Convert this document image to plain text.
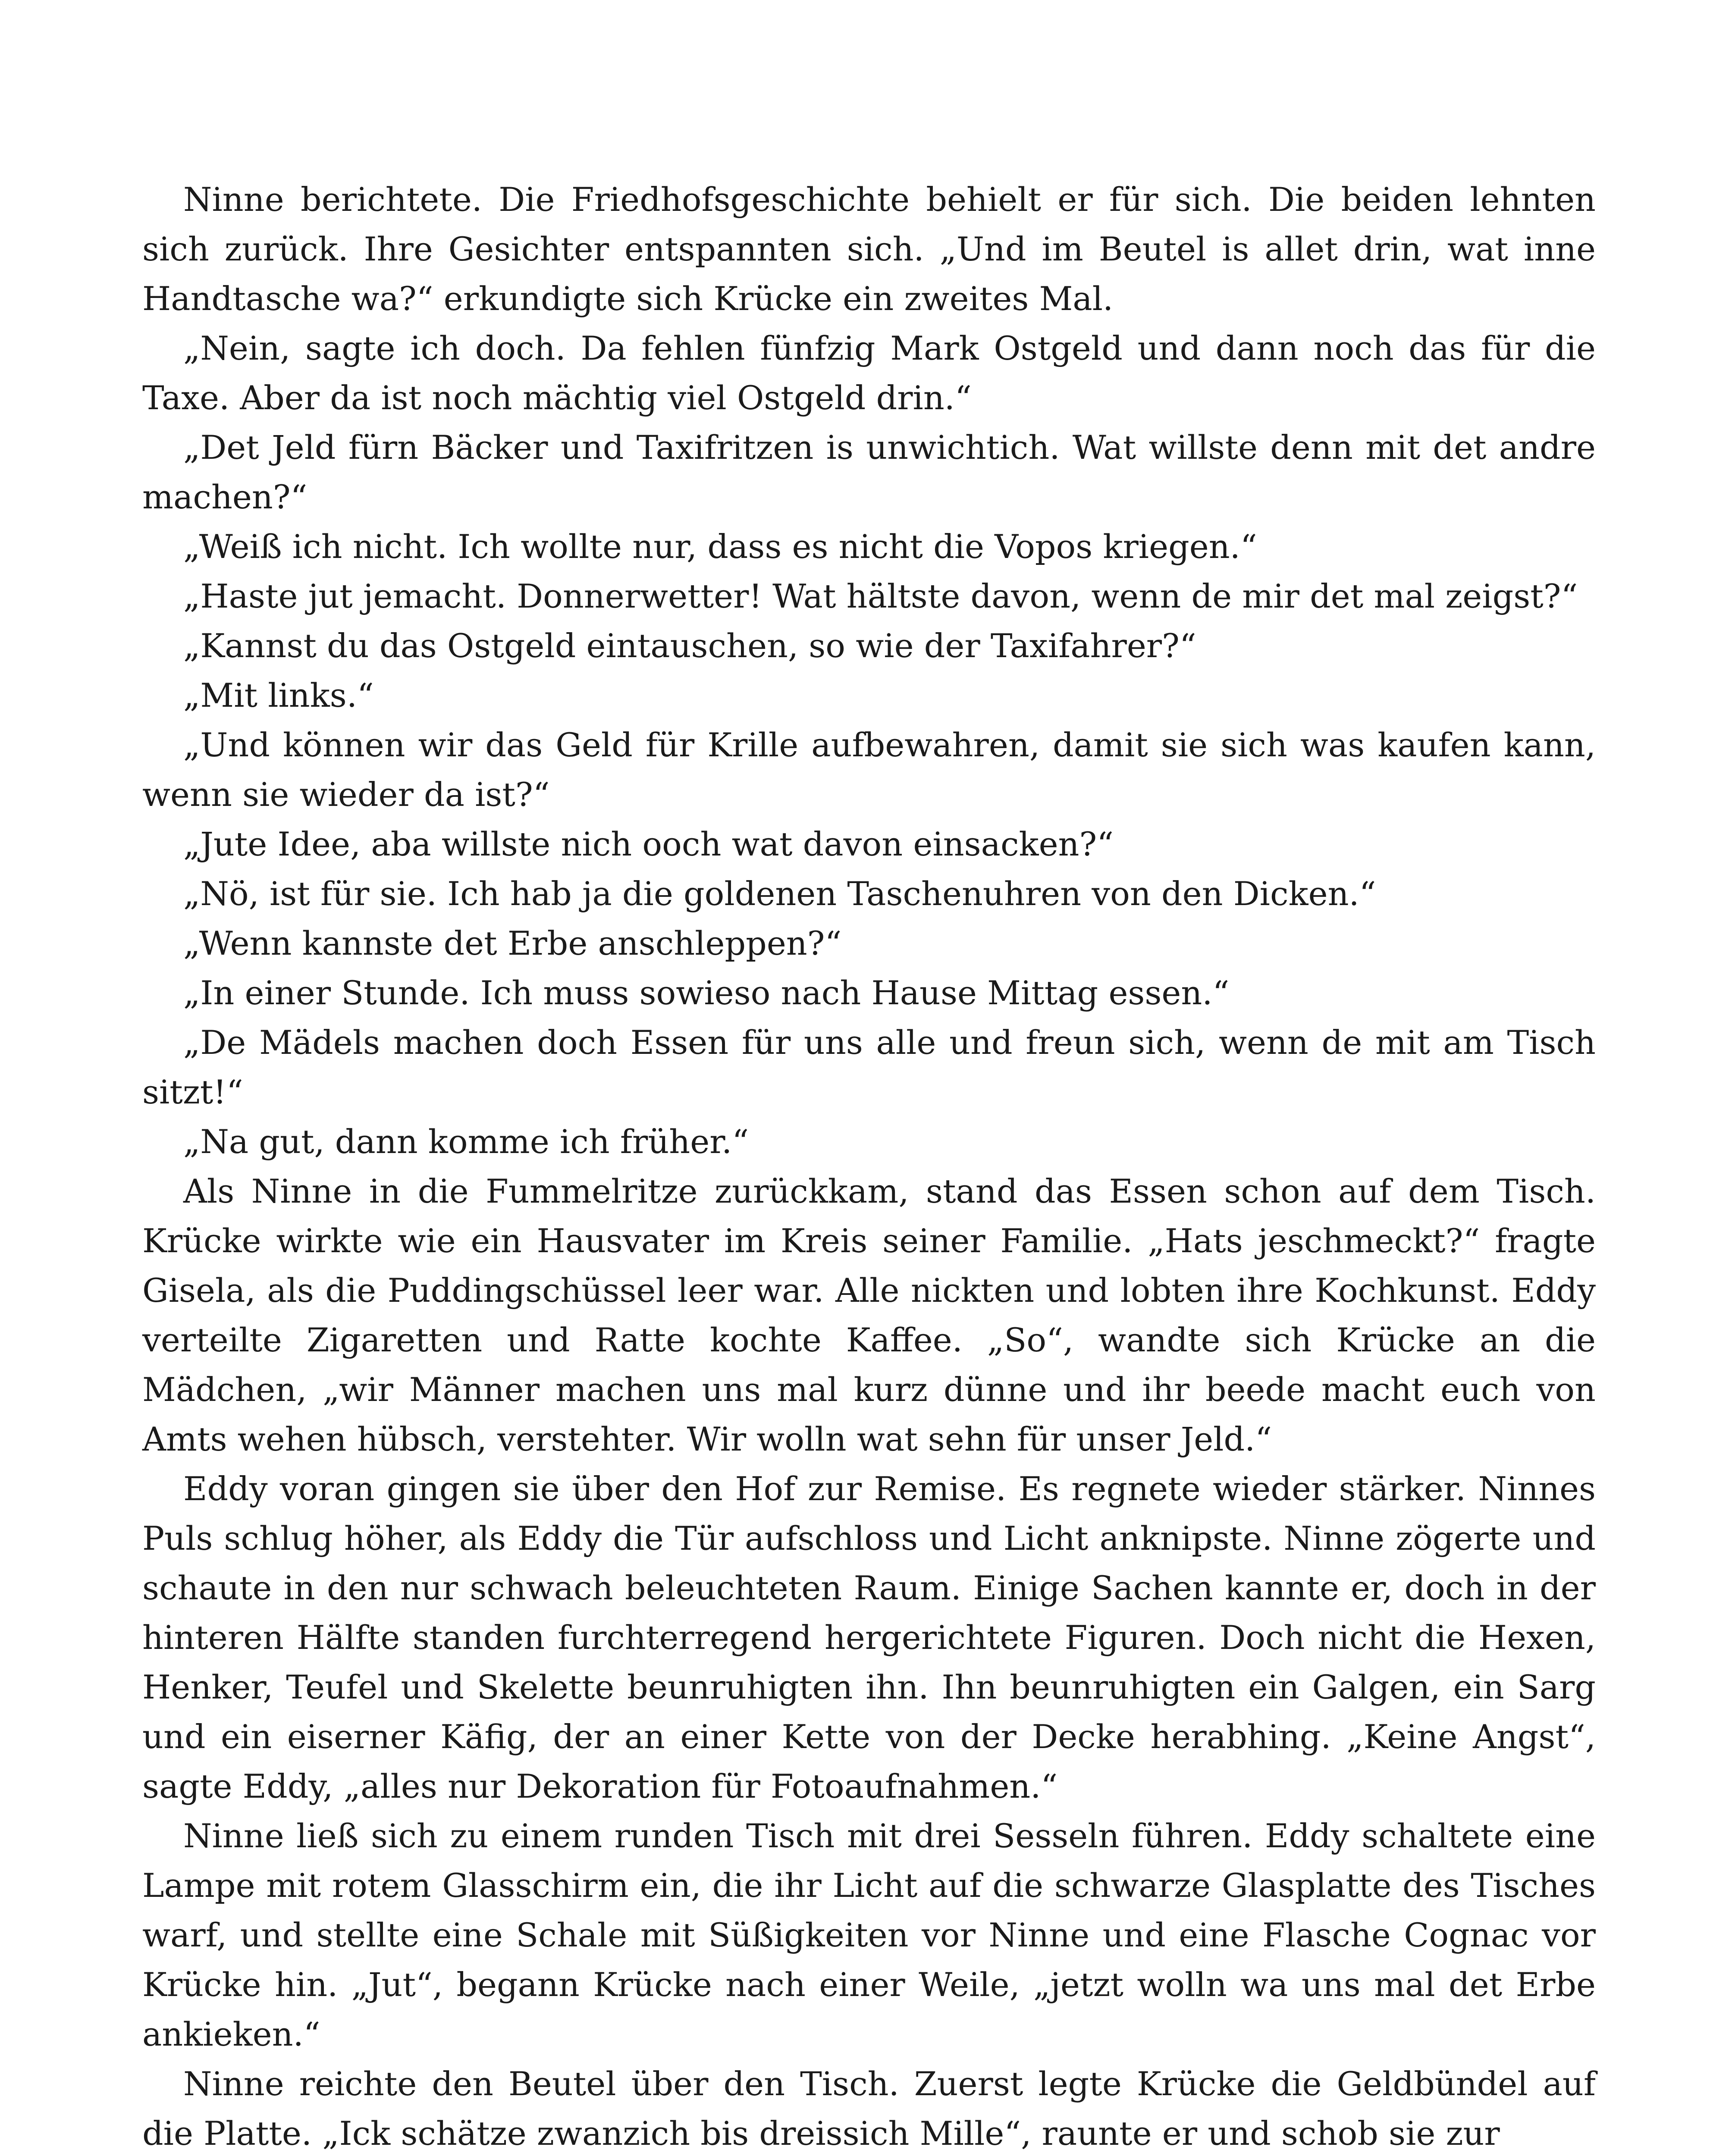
Ninne berichtete. Die Friedhofsgeschichte behielt er für sich. Die beiden lehnten sich zurück. Ihre Gesichter entspannten sich. „Und im Beutel is allet drin, wat inne Handtasche wa?“ erkundigte sich Krücke ein zweites Mal.

„Nein, sagte ich doch. Da fehlen fünfzig Mark Ostgeld und dann noch das für die Taxe. Aber da ist noch mächtig viel Ostgeld drin.“

„Det Jeld fürn Bäcker und Taxifritzen is unwichtich. Wat willste denn mit det andre machen?“

„Weiß ich nicht. Ich wollte nur, dass es nicht die Vopos kriegen.“

„Haste jut jemacht. Donnerwetter! Wat hältste davon, wenn de mir det mal zeigst?“

„Kannst du das Ostgeld eintauschen, so wie der Taxifahrer?“

„Mit links.“

„Und können wir das Geld für Krille aufbewahren, damit sie sich was kaufen kann, wenn sie wieder da ist?“

„Jute Idee, aba willste nich ooch wat davon einsacken?“

„Nö, ist für sie. Ich hab ja die goldenen Taschenuhren von den Dicken.“

„Wenn kannste det Erbe anschleppen?“

„In einer Stunde. Ich muss sowieso nach Hause Mittag essen.“

„De Mädels machen doch Essen für uns alle und freun sich, wenn de mit am Tisch sitzt!“

„Na gut, dann komme ich früher.“

Als Ninne in die Fummelritze zurückkam, stand das Essen schon auf dem Tisch. Krücke wirkte wie ein Hausvater im Kreis seiner Familie. „Hats jeschmeckt?“ fragte Gisela, als die Puddingschüssel leer war. Alle nickten und lobten ihre Kochkunst. Eddy verteilte Zigaretten und Ratte kochte Kaffee. „So“, wandte sich Krücke an die Mädchen, „wir Männer machen uns mal kurz dünne und ihr beede macht euch von Amts wehen hübsch, verstehter. Wir wolln wat sehn für unser Jeld.“

Eddy voran gingen sie über den Hof zur Remise. Es regnete wieder stärker. Ninnes Puls schlug höher, als Eddy die Tür aufschloss und Licht anknipste. Ninne zögerte und schaute in den nur schwach beleuchteten Raum. Einige Sachen kannte er, doch in der hinteren Hälfte standen furchterregend hergerichtete Figuren. Doch nicht die Hexen, Henker, Teufel und Skelette beunruhigten ihn. Ihn beunruhigten ein Galgen, ein Sarg und ein eiserner Käfig, der an einer Kette von der Decke herabhing. „Keine Angst“, sagte Eddy, „alles nur Dekoration für Fotoaufnahmen.“

Ninne ließ sich zu einem runden Tisch mit drei Sesseln führen. Eddy schaltete eine Lampe mit rotem Glasschirm ein, die ihr Licht auf die schwarze Glasplatte des Tisches warf, und stellte eine Schale mit Süßigkeiten vor Ninne und eine Flasche Cognac vor Krücke hin. „Jut“, begann Krücke nach einer Weile, „jetzt wolln wa uns mal det Erbe ankieken.“

Ninne reichte den Beutel über den Tisch. Zuerst legte Krücke die Geldbündel auf die Platte. „Ick schätze zwanzich bis dreissich Mille“, raunte er und schob sie zur
